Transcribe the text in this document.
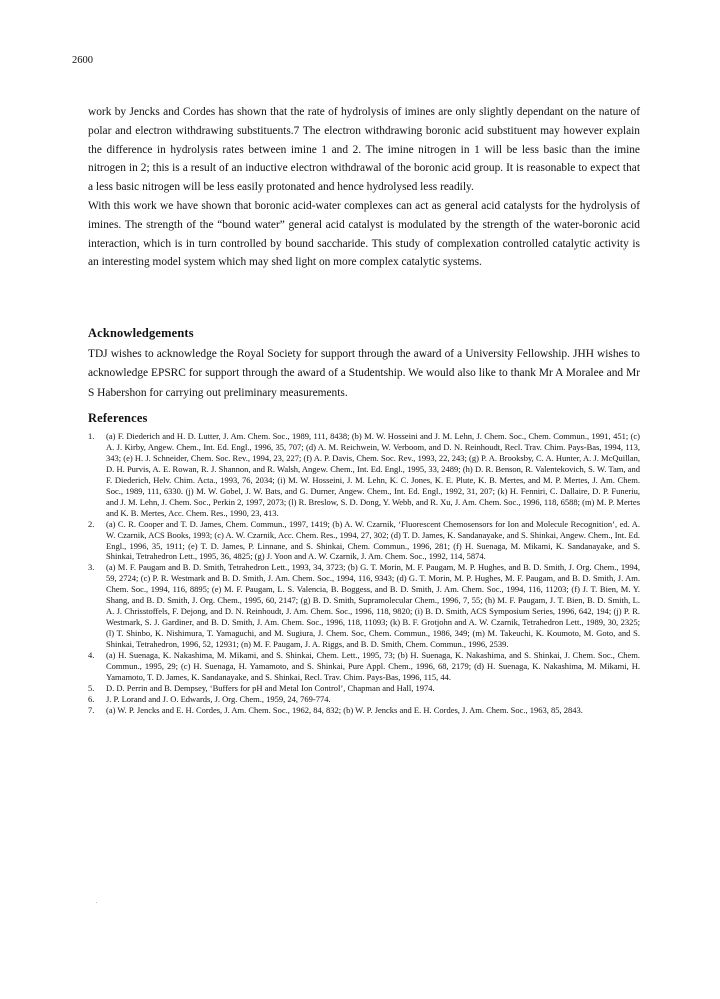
2600

work by Jencks and Cordes has shown that the rate of hydrolysis of imines are only slightly dependant on the nature of polar and electron withdrawing substituents.7 The electron withdrawing boronic acid substituent may however explain the difference in hydrolysis rates between imine 1 and 2. The imine nitrogen in 1 will be less basic than the imine nitrogen in 2; this is a result of an inductive electron withdrawal of the boronic acid group. It is reasonable to expect that a less basic nitrogen will be less easily protonated and hence hydrolysed less readily.

With this work we have shown that boronic acid-water complexes can act as general acid catalysts for the hydrolysis of imines. The strength of the “bound water” general acid catalyst is modulated by the strength of the water-boronic acid interaction, which is in turn controlled by bound saccharide. This study of complexation controlled catalytic activity is an interesting model system which may shed light on more complex catalytic systems.

Acknowledgements
TDJ wishes to acknowledge the Royal Society for support through the award of a University Fellowship. JHH wishes to acknowledge EPSRC for support through the award of a Studentship. We would also like to thank Mr A Moralee and Mr S Habershon for carrying out preliminary measurements.
References
1. (a) F. Diederich and H. D. Lutter, J. Am. Chem. Soc., 1989, 111, 8438; (b) M. W. Hosseini and J. M. Lehn, J. Chem. Soc., Chem. Commun., 1991, 451; (c) A. J. Kirby, Angew. Chem., Int. Ed. Engl., 1996, 35, 707; (d) A. M. Reichwein, W. Verboom, and D. N. Reinhoudt, Recl. Trav. Chim. Pays-Bas, 1994, 113, 343; (e) H. J. Schneider, Chem. Soc. Rev., 1994, 23, 227; (f) A. P. Davis, Chem. Soc. Rev., 1993, 22, 243; (g) P. A. Brooksby, C. A. Hunter, A. J. McQuillan, D. H. Purvis, A. E. Rowan, R. J. Shannon, and R. Walsh, Angew. Chem., Int. Ed. Engl., 1995, 33, 2489; (h) D. R. Benson, R. Valentekovich, S. W. Tam, and F. Diederich, Helv. Chim. Acta., 1993, 76, 2034; (i) M. W. Hosseini, J. M. Lehn, K. C. Jones, K. E. Plute, K. B. Mertes, and M. P. Mertes, J. Am. Chem. Soc., 1989, 111, 6330. (j) M. W. Gobel, J. W. Bats, and G. Durner, Angew. Chem., Int. Ed. Engl., 1992, 31, 207; (k) H. Fenniri, C. Dallaire, D. P. Funeriu, and J. M. Lehn, J. Chem. Soc., Perkin 2, 1997, 2073; (l) R. Breslow, S. D. Dong, Y. Webb, and R. Xu, J. Am. Chem. Soc., 1996, 118, 6588; (m) M. P. Mertes and K. B. Mertes, Acc. Chem. Res., 1990, 23, 413.
2. (a) C. R. Cooper and T. D. James, Chem. Commun., 1997, 1419; (b) A. W. Czarnik, ‘Fluorescent Chemosensors for Ion and Molecule Recognition’, ed. A. W. Czarnik, ACS Books, 1993; (c) A. W. Czarnik, Acc. Chem. Res., 1994, 27, 302; (d) T. D. James, K. Sandanayake, and S. Shinkai, Angew. Chem., Int. Ed. Engl., 1996, 35, 1911; (e) T. D. James, P. Linnane, and S. Shinkai, Chem. Commun., 1996, 281; (f) H. Suenaga, M. Mikami, K. Sandanayake, and S. Shinkai, Tetrahedron Lett., 1995, 36, 4825; (g) J. Yoon and A. W. Czarnik, J. Am. Chem. Soc., 1992, 114, 5874.
3. (a) M. F. Paugam and B. D. Smith, Tetrahedron Lett., 1993, 34, 3723; (b) G. T. Morin, M. F. Paugam, M. P. Hughes, and B. D. Smith, J. Org. Chem., 1994, 59, 2724; (c) P. R. Westmark and B. D. Smith, J. Am. Chem. Soc., 1994, 116, 9343; (d) G. T. Morin, M. P. Hughes, M. F. Paugam, and B. D. Smith, J. Am. Chem. Soc., 1994, 116, 8895; (e) M. F. Paugam, L. S. Valencia, B. Boggess, and B. D. Smith, J. Am. Chem. Soc., 1994, 116, 11203; (f) J. T. Bien, M. Y. Shang, and B. D. Smith, J. Org. Chem., 1995, 60, 2147; (g) B. D. Smith, Supramolecular Chem., 1996, 7, 55; (h) M. F. Paugam, J. T. Bien, B. D. Smith, L. A. J. Chrisstoffels, F. Dejong, and D. N. Reinhoudt, J. Am. Chem. Soc., 1996, 118, 9820; (i) B. D. Smith, ACS Symposium Series, 1996, 642, 194; (j) P. R. Westmark, S. J. Gardiner, and B. D. Smith, J. Am. Chem. Soc., 1996, 118, 11093; (k) B. F. Grotjohn and A. W. Czarnik, Tetrahedron Lett., 1989, 30, 2325; (l) T. Shinbo, K. Nishimura, T. Yamaguchi, and M. Sugiura, J. Chem. Soc, Chem. Commun., 1986, 349; (m) M. Takeuchi, K. Koumoto, M. Goto, and S. Shinkai, Tetrahedron, 1996, 52, 12931; (n) M. F. Paugam, J. A. Riggs, and B. D. Smith, Chem. Commun., 1996, 2539.
4. (a) H. Suenaga, K. Nakashima, M. Mikami, and S. Shinkai, Chem. Lett., 1995, 73; (b) H. Suenaga, K. Nakashima, and S. Shinkai, J. Chem. Soc., Chem. Commun., 1995, 29; (c) H. Suenaga, H. Yamamoto, and S. Shinkai, Pure Appl. Chem., 1996, 68, 2179; (d) H. Suenaga, K. Nakashima, M. Mikami, H. Yamamoto, T. D. James, K. Sandanayake, and S. Shinkai, Recl. Trav. Chim. Pays-Bas, 1996, 115, 44.
5. D. D. Perrin and B. Dempsey, ‘Buffers for pH and Metal Ion Control’, Chapman and Hall, 1974.
6. J. P. Lorand and J. O. Edwards, J. Org. Chem., 1959, 24, 769-774.
7. (a) W. P. Jencks and E. H. Cordes, J. Am. Chem. Soc., 1962, 84, 832; (b) W. P. Jencks and E. H. Cordes, J. Am. Chem. Soc., 1963, 85, 2843.
